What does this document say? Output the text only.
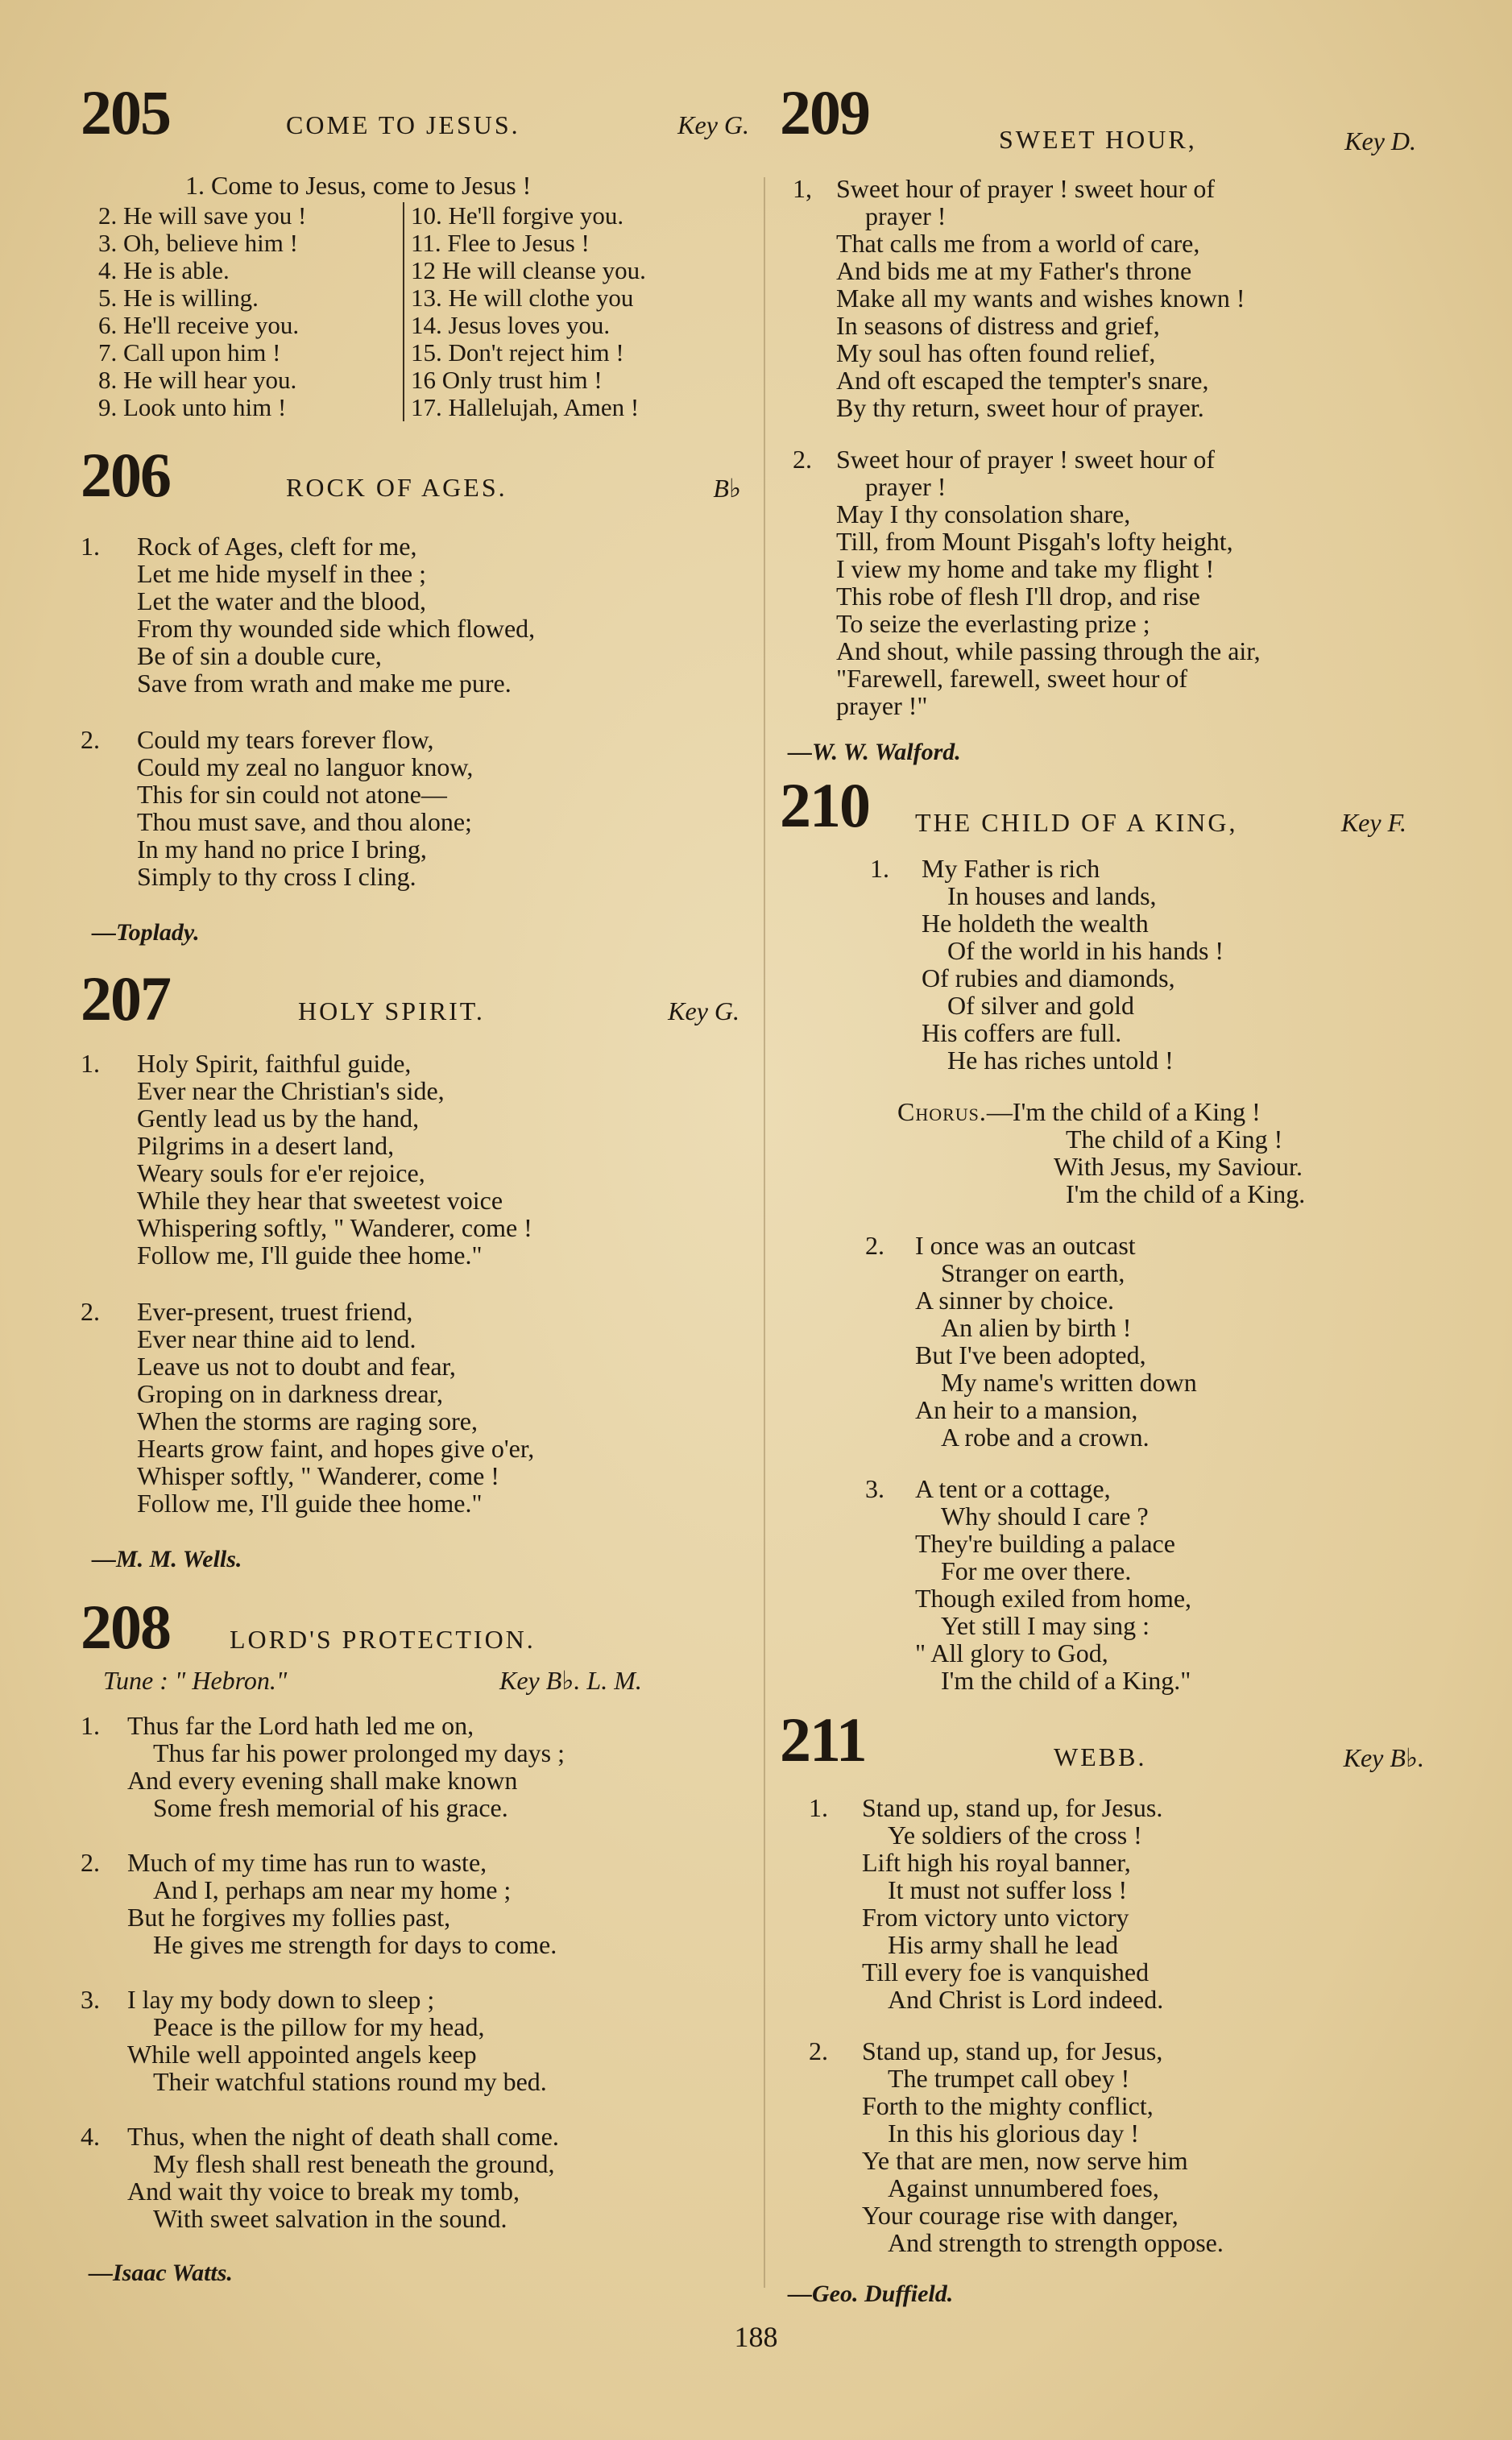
205	COME TO JESUS.	Key G.
1. Come to Jesus, come to Jesus !
2. He will save you !
3. Oh, believe him !
4. He is able.
5. He is willing.
6. He'll receive you.
7. Call upon him !
8. He will hear you.
9. Look unto him !
10. He'll forgive you.
11. Flee to Jesus !
12 He will cleanse you.
13. He will clothe you
14. Jesus loves you.
15. Don't reject him !
16 Only trust him !
17. Hallelujah, Amen !
206	ROCK OF AGES.	B♭
1. Rock of Ages, cleft for me,
Let me hide myself in thee ;
Let the water and the blood,
From thy wounded side which flowed,
Be of sin a double cure,
Save from wrath and make me pure.
2. Could my tears forever flow,
Could my zeal no languor know,
This for sin could not atone—
Thou must save, and thou alone;
In my hand no price I bring,
Simply to thy cross I cling.
—Toplady.
207	HOLY SPIRIT.	Key G.
1. Holy Spirit, faithful guide,
Ever near the Christian's side,
Gently lead us by the hand,
Pilgrims in a desert land,
Weary souls for e'er rejoice,
While they hear that sweetest voice
Whispering softly, " Wanderer, come !
Follow me, I'll guide thee home."
2. Ever-present, truest friend,
Ever near thine aid to lend.
Leave us not to doubt and fear,
Groping on in darkness drear,
When the storms are raging sore,
Hearts grow faint, and hopes give o'er,
Whisper softly, " Wanderer, come !
Follow me, I'll guide thee home."
—M. M. Wells.
208 LORD'S PROTECTION.
Tune : " Hebron."	Key B♭. L. M.
1. Thus far the Lord hath led me on,
Thus far his power prolonged my days ;
And every evening shall make known
Some fresh memorial of his grace.
2. Much of my time has run to waste,
And I, perhaps am near my home ;
But he forgives my follies past,
He gives me strength for days to come.
3. I lay my body down to sleep ;
Peace is the pillow for my head,
While well appointed angels keep
Their watchful stations round my bed.
4. Thus, when the night of death shall come.
My flesh shall rest beneath the ground,
And wait thy voice to break my tomb,
With sweet salvation in the sound.
—Isaac Watts.
209	SWEET HOUR,	Key D.
1, Sweet hour of prayer ! sweet hour of
prayer !
That calls me from a world of care,
And bids me at my Father's throne
Make all my wants and wishes known !
In seasons of distress and grief,
My soul has often found relief,
And oft escaped the tempter's snare,
By thy return, sweet hour of prayer.
2. Sweet hour of prayer ! sweet hour of
prayer !
May I thy consolation share,
Till, from Mount Pisgah's lofty height,
I view my home and take my flight !
This robe of flesh I'll drop, and rise
To seize the everlasting prize ;
And shout, while passing through the air,
"Farewell, farewell, sweet hour of
prayer !"
—W. W. Walford.
210 THE CHILD OF A KING,	Key F.
1. My Father is rich
In houses and lands,
He holdeth the wealth
Of the world in his hands !
Of rubies and diamonds,
Of silver and gold
His coffers are full.
He has riches untold !
Chorus.—I'm the child of a King !
The child of a King !
With Jesus, my Saviour.
I'm the child of a King.
2. I once was an outcast
Stranger on earth,
A sinner by choice.
An alien by birth !
But I've been adopted,
My name's written down
An heir to a mansion,
A robe and a crown.
3. A tent or a cottage,
Why should I care ?
They're building a palace
For me over there.
Though exiled from home,
Yet still I may sing :
" All glory to God,
I'm the child of a King."
211	WEBB.	Key B♭.
1. Stand up, stand up, for Jesus.
Ye soldiers of the cross !
Lift high his royal banner,
It must not suffer loss !
From victory unto victory
His army shall he lead
Till every foe is vanquished
And Christ is Lord indeed.
2. Stand up, stand up, for Jesus,
The trumpet call obey !
Forth to the mighty conflict,
In this his glorious day !
Ye that are men, now serve him
Against unnumbered foes,
Your courage rise with danger,
And strength to strength oppose.
—Geo. Duffield.
188
